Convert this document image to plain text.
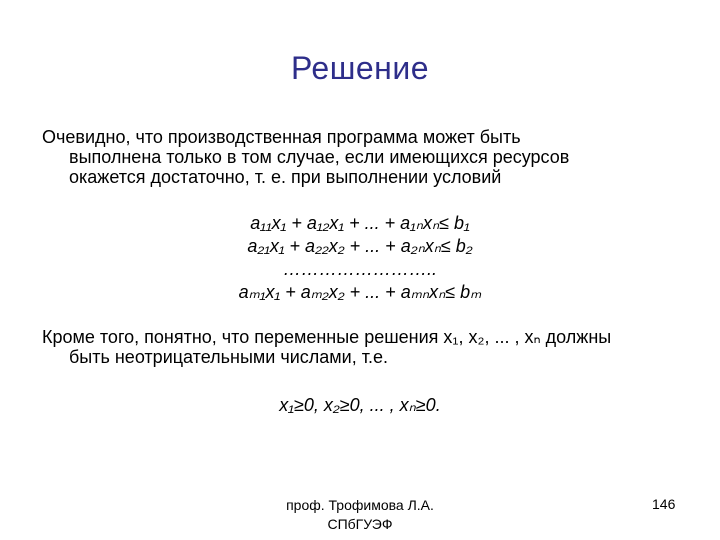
Решение
Очевидно, что производственная программа может быть
выполнена только в том случае, если имеющихся ресурсов
окажется достаточно, т. е. при выполнении условий
a₁₁x₁ + a₁₂x₁ + ... + a₁ₙxₙ≤ b₁
a₂₁x₁ + a₂₂x₂ + ... + a₂ₙxₙ≤ b₂
……………………..
aₘ₁x₁ + aₘ₂x₂ + ... + aₘₙxₙ≤ bₘ
Кроме того, понятно, что переменные решения x₁, x₂, ... , xₙ должны
быть неотрицательными числами, т.е.
x₁≥0, x₂≥0, ... , xₙ≥0.
проф. Трофимова Л.А.
СПбГУЭФ
146
